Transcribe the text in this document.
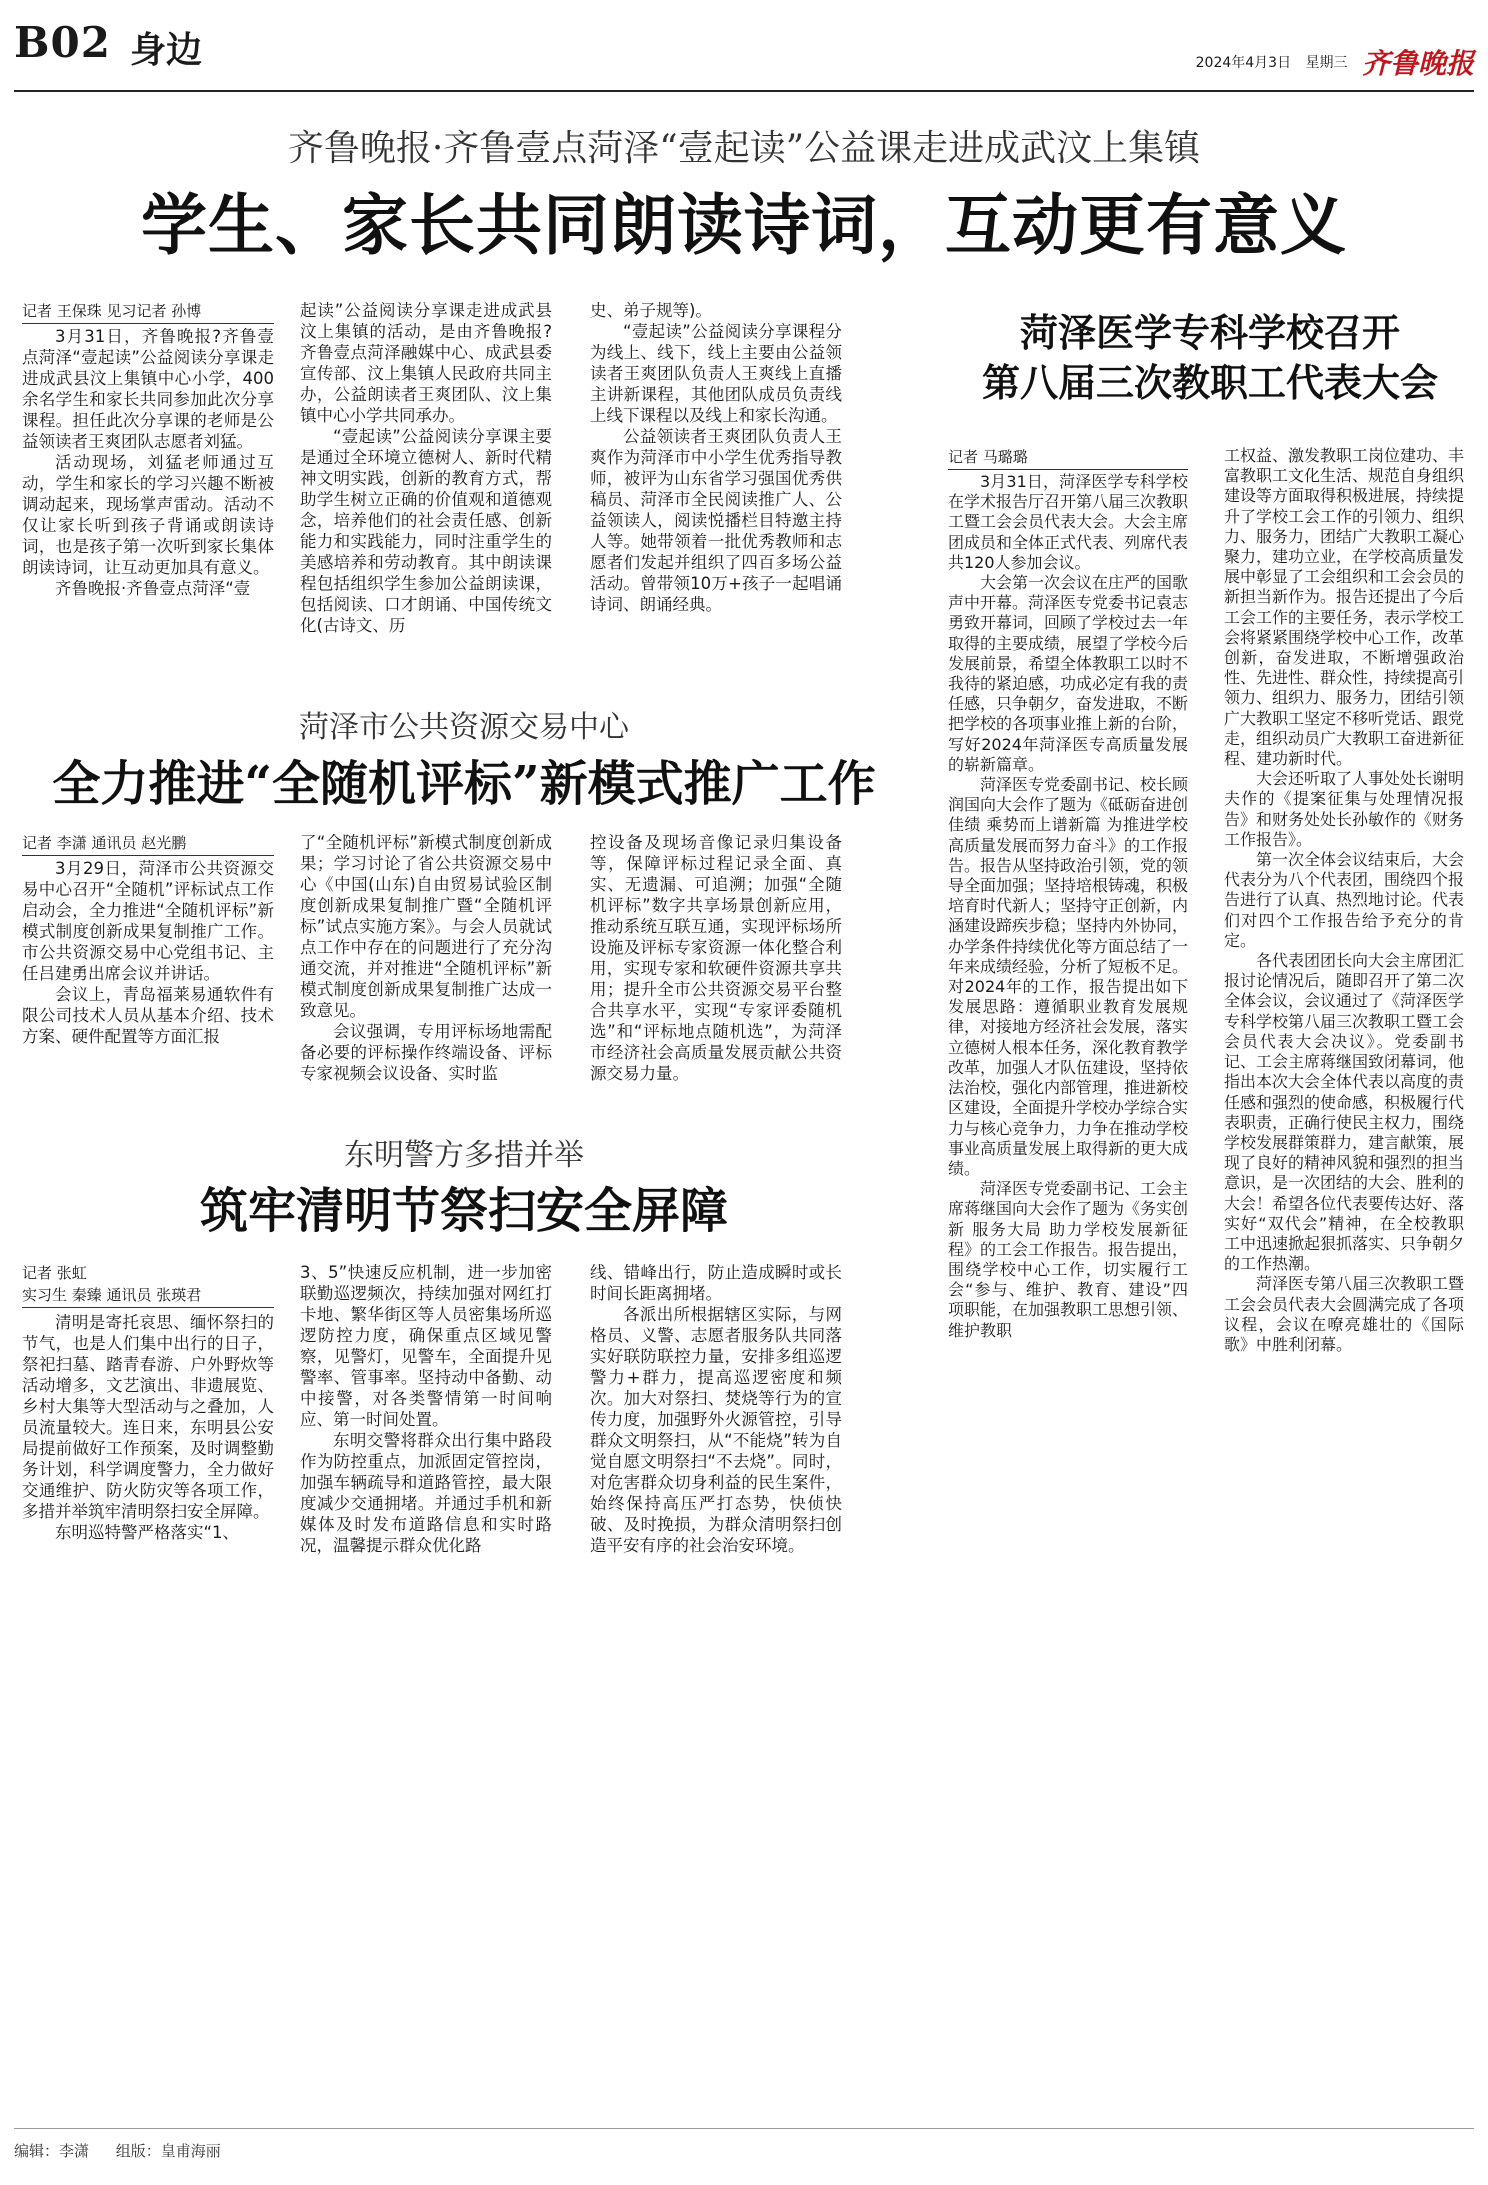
B02 身边	2024年4月3日 星期三 齐鲁晚报
齐鲁晚报·齐鲁壹点菏泽“壹起读”公益课走进成武汶上集镇
学生、家长共同朗读诗词，互动更有意义
记者 王保珠 见习记者 孙博

3月31日，齐鲁晚报?齐鲁壹点菏泽“壹起读”公益阅读分享课走进成武县汶上集镇中心小学，400余名学生和家长共同参加此次分享课程。担任此次分享课的老师是公益领读者王爽团队志愿者刘猛。

活动现场，刘猛老师通过互动，学生和家长的学习兴趣不断被调动起来，现场掌声雷动。活动不仅让家长听到孩子背诵或朗读诗词，也是孩子第一次听到家长集体朗读诗词，让互动更加具有意义。

齐鲁晚报·齐鲁壹点菏泽“壹

起读”公益阅读分享课走进成武县汶上集镇的活动，是由齐鲁晚报?齐鲁壹点菏泽融媒中心、成武县委宣传部、汶上集镇人民政府共同主办，公益朗读者王爽团队、汶上集镇中心小学共同承办。

“壹起读”公益阅读分享课主要是通过全环境立德树人、新时代精神文明实践，创新的教育方式，帮助学生树立正确的价值观和道德观念，培养他们的社会责任感、创新能力和实践能力，同时注重学生的美感培养和劳动教育。其中朗读课程包括组织学生参加公益朗读课，包括阅读、口才朗诵、中国传统文化(古诗文、历

史、弟子规等)。

“壹起读”公益阅读分享课程分为线上、线下，线上主要由公益领读者王爽团队负责人王爽线上直播主讲新课程，其他团队成员负责线上线下课程以及线上和家长沟通。

公益领读者王爽团队负责人王爽作为菏泽市中小学生优秀指导教师，被评为山东省学习强国优秀供稿员、菏泽市全民阅读推广人、公益领读人，阅读悦播栏目特邀主持人等。她带领着一批优秀教师和志愿者们发起并组织了四百多场公益活动。曾带领10万+孩子一起唱诵诗词、朗诵经典。

菏泽市公共资源交易中心
全力推进“全随机评标”新模式推广工作
记者 李潇 通讯员 赵光鹏

3月29日，菏泽市公共资源交易中心召开“全随机”评标试点工作启动会，全力推进“全随机评标”新模式制度创新成果复制推广工作。市公共资源交易中心党组书记、主任吕建勇出席会议并讲话。

会议上，青岛福莱易通软件有限公司技术人员从基本介绍、技术方案、硬件配置等方面汇报

了“全随机评标”新模式制度创新成果；学习讨论了省公共资源交易中心《中国(山东)自由贸易试验区制度创新成果复制推广暨“全随机评标”试点实施方案》。与会人员就试点工作中存在的问题进行了充分沟通交流，并对推进“全随机评标”新模式制度创新成果复制推广达成一致意见。

会议强调，专用评标场地需配备必要的评标操作终端设备、评标专家视频会议设备、实时监

控设备及现场音像记录归集设备等，保障评标过程记录全面、真实、无遗漏、可追溯；加强“全随机评标”数字共享场景创新应用，推动系统互联互通，实现评标场所设施及评标专家资源一体化整合利用，实现专家和软硬件资源共享共用；提升全市公共资源交易平台整合共享水平，实现“专家评委随机选”和“评标地点随机选”，为菏泽市经济社会高质量发展贡献公共资源交易力量。

东明警方多措并举
筑牢清明节祭扫安全屏障
记者 张虹
实习生 秦臻 通讯员 张瑛君

清明是寄托哀思、缅怀祭扫的节气，也是人们集中出行的日子，祭祀扫墓、踏青春游、户外野炊等活动增多，文艺演出、非遗展览、乡村大集等大型活动与之叠加，人员流量较大。连日来，东明县公安局提前做好工作预案，及时调整勤务计划，科学调度警力，全力做好交通维护、防火防灾等各项工作，多措并举筑牢清明祭扫安全屏障。

东明巡特警严格落实“1、

3、5”快速反应机制，进一步加密联勤巡逻频次，持续加强对网红打卡地、繁华街区等人员密集场所巡逻防控力度，确保重点区域见警察，见警灯，见警车，全面提升见警率、管事率。坚持动中备勤、动中接警，对各类警情第一时间响应、第一时间处置。

东明交警将群众出行集中路段作为防控重点，加派固定管控岗，加强车辆疏导和道路管控，最大限度减少交通拥堵。并通过手机和新媒体及时发布道路信息和实时路况，温馨提示群众优化路

线、错峰出行，防止造成瞬时或长时间长距离拥堵。

各派出所根据辖区实际，与网格员、义警、志愿者服务队共同落实好联防联控力量，安排多组巡逻警力+群力，提高巡逻密度和频次。加大对祭扫、焚烧等行为的宣传力度，加强野外火源管控，引导群众文明祭扫，从“不能烧”转为自觉自愿文明祭扫“不去烧”。同时，对危害群众切身利益的民生案件，始终保持高压严打态势，快侦快破、及时挽损，为群众清明祭扫创造平安有序的社会治安环境。

菏泽医学专科学校召开
第八届三次教职工代表大会
记者 马璐璐

3月31日，菏泽医学专科学校在学术报告厅召开第八届三次教职工暨工会会员代表大会。大会主席团成员和全体正式代表、列席代表共120人参加会议。

大会第一次会议在庄严的国歌声中开幕。菏泽医专党委书记袁志勇致开幕词，回顾了学校过去一年取得的主要成绩，展望了学校今后发展前景，希望全体教职工以时不我待的紧迫感，功成必定有我的责任感，只争朝夕，奋发进取，不断把学校的各项事业推上新的台阶，写好2024年菏泽医专高质量发展的崭新篇章。

菏泽医专党委副书记、校长顾润国向大会作了题为《砥砺奋进创佳绩 乘势而上谱新篇 为推进学校高质量发展而努力奋斗》的工作报告。报告从坚持政治引领，党的领导全面加强；坚持培根铸魂，积极培育时代新人；坚持守正创新，内涵建设蹄疾步稳；坚持内外协同，办学条件持续优化等方面总结了一年来成绩经验，分析了短板不足。对2024年的工作，报告提出如下发展思路：遵循职业教育发展规律，对接地方经济社会发展，落实立德树人根本任务，深化教育教学改革，加强人才队伍建设，坚持依法治校，强化内部管理，推进新校区建设，全面提升学校办学综合实力与核心竞争力，力争在推动学校事业高质量发展上取得新的更大成绩。

菏泽医专党委副书记、工会主席蒋继国向大会作了题为《务实创新 服务大局 助力学校发展新征程》的工会工作报告。报告提出，围绕学校中心工作，切实履行工会“参与、维护、教育、建设”四项职能，在加强教职工思想引领、维护教职

工权益、激发教职工岗位建功、丰富教职工文化生活、规范自身组织建设等方面取得积极进展，持续提升了学校工会工作的引领力、组织力、服务力，团结广大教职工凝心聚力，建功立业，在学校高质量发展中彰显了工会组织和工会会员的新担当新作为。报告还提出了今后工会工作的主要任务，表示学校工会将紧紧围绕学校中心工作，改革创新，奋发进取，不断增强政治性、先进性、群众性，持续提高引领力、组织力、服务力，团结引领广大教职工坚定不移听党话、跟党走，组织动员广大教职工奋进新征程、建功新时代。

大会还听取了人事处处长谢明夫作的《提案征集与处理情况报告》和财务处处长孙敏作的《财务工作报告》。

第一次全体会议结束后，大会代表分为八个代表团，围绕四个报告进行了认真、热烈地讨论。代表们对四个工作报告给予充分的肯定。

各代表团团长向大会主席团汇报讨论情况后，随即召开了第二次全体会议，会议通过了《菏泽医学专科学校第八届三次教职工暨工会会员代表大会决议》。党委副书记、工会主席蒋继国致闭幕词，他指出本次大会全体代表以高度的责任感和强烈的使命感，积极履行代表职责，正确行使民主权力，围绕学校发展群策群力，建言献策，展现了良好的精神风貌和强烈的担当意识，是一次团结的大会、胜利的大会！希望各位代表要传达好、落实好“双代会”精神，在全校教职工中迅速掀起狠抓落实、只争朝夕的工作热潮。

菏泽医专第八届三次教职工暨工会会员代表大会圆满完成了各项议程，会议在嘹亮雄壮的《国际歌》中胜利闭幕。

编辑：李潇 组版：皇甫海丽
